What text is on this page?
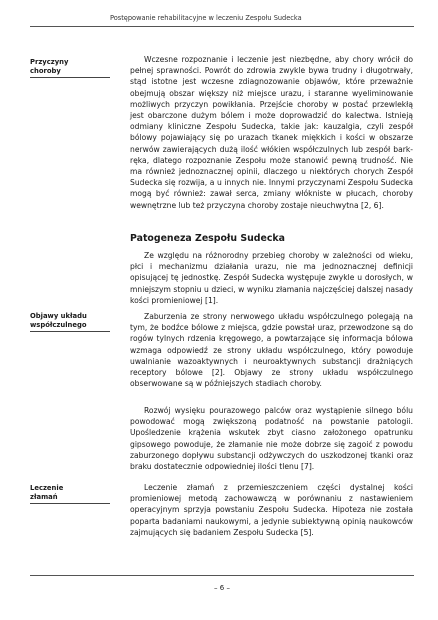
Postępowanie rehabilitacyjne w leczeniu Zespołu Sudecka
Przyczyny
choroby
Objawy układu
współczulnego
Leczenie
złamań

Wczesne rozpoznanie i leczenie jest niezbędne, aby chory wrócił do pełnej sprawności. Powrót do zdrowia zwykle bywa trudny i długotrwały, stąd istotne jest wczesne zdiagnozowanie objawów, które przeważnie obejmują obszar większy niż miejsce urazu, i staranne wyeliminowanie możliwych przyczyn powikłania. Przejście choroby w postać przewlekłą jest obarczone dużym bólem i może doprowadzić do kalectwa. Istnieją odmiany kliniczne Zespołu Sudecka, takie jak: kauzalgia, czyli zespół bólowy pojawiający się po urazach tkanek miękkich i kości w obszarze nerwów zawierających dużą ilość włókien współczulnych lub zespół bark-ręka, dlatego rozpoznanie Zespołu może stanowić pewną trudność. Nie ma również jednoznacznej opinii, dlaczego u niektórych chorych Zespół Sudecka się rozwija, a u innych nie. Innymi przyczynami Zespołu Sudecka mogą być również: zawał serca, zmiany włókniste w płucach, choroby wewnętrzne lub też przyczyna choroby zostaje nieuchwytna [2, 6].

Patogeneza Zespołu Sudecka

Ze względu na różnorodny przebieg choroby w zależności od wieku, płci i mechanizmu działania urazu, nie ma jednoznacznej definicji opisującej tę jednostkę. Zespół Sudecka występuje zwykle u dorosłych, w mniejszym stopniu u dzieci, w wyniku złamania najczęściej dalszej nasady kości promieniowej [1].

Zaburzenia ze strony nerwowego układu współczulnego polegają na tym, że bodźce bólowe z miejsca, gdzie powstał uraz, przewodzone są do rogów tylnych rdzenia kręgowego, a powtarzające się informacja bólowa wzmaga odpowiedź ze strony układu współczulnego, który powoduje uwalnianie wazoaktywnych i neuroaktywnych substancji drażniących receptory bólowe [2]. Objawy ze strony układu współczulnego obserwowane są w późniejszych stadiach choroby.

Rozwój wysięku pourazowego palców oraz wystąpienie silnego bólu powodować mogą zwiększoną podatność na powstanie patologii. Upośledzenie krążenia wskutek zbyt ciasno założonego opatrunku gipsowego powoduje, że złamanie nie może dobrze się zagoić z powodu zaburzonego dopływu substancji odżywczych do uszkodzonej tkanki oraz braku dostatecznie odpowiedniej ilości tlenu [7].

Leczenie złamań z przemieszczeniem części dystalnej kości promieniowej metodą zachowawczą w porównaniu z nastawieniem operacyjnym sprzyja powstaniu Zespołu Sudecka. Hipoteza nie została poparta badaniami naukowymi, a jedynie subiektywną opinią naukowców zajmujących się badaniem Zespołu Sudecka [5].

– 6 –
